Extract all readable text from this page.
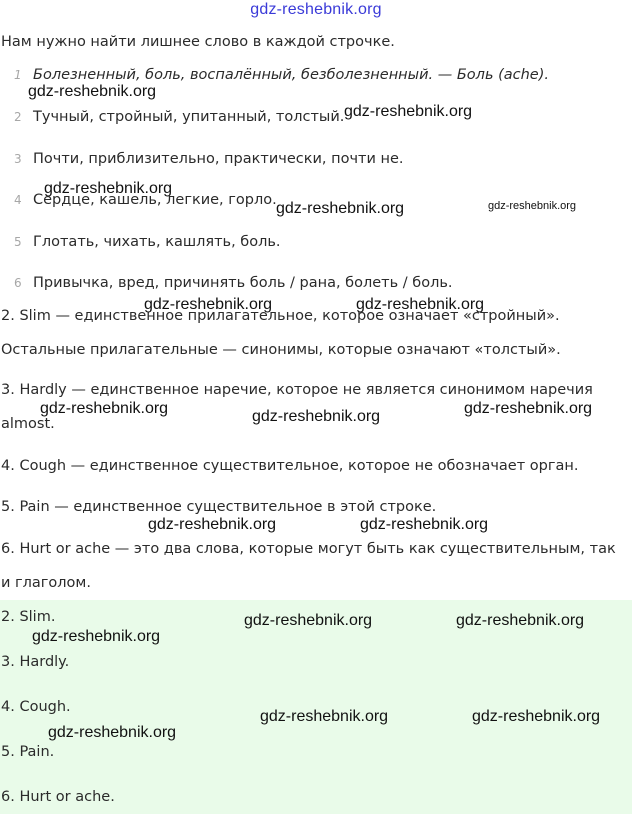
gdz-reshebnik.org
Нам нужно найти лишнее слово в каждой строчке.
1 Болезненный, боль, воспалённый, безболезненный. — Боль (ache).
2 Тучный, стройный, упитанный, толстый.
3 Почти, приблизительно, практически, почти не.
4 Сердце, кашель, легкие, горло.
5 Глотать, чихать, кашлять, боль.
6 Привычка, вред, причинять боль / рана, болеть / боль.
2. Slim — единственное прилагательное, которое означает «стройный».
Остальные прилагательные — синонимы, которые означают «толстый».
3. Hardly — единственное наречие, которое не является синонимом наречия
almost.
4. Cough — единственное существительное, которое не обозначает орган.
5. Pain — единственное существительное в этой строке.
6. Hurt or ache — это два слова, которые могут быть как существительным, так
и глаголом.
2. Slim.
3. Hardly.
4. Cough.
5. Pain.
6. Hurt or ache.
gdz-reshebnik.org
gdz-reshebnik.org
gdz-reshebnik.org
gdz-reshebnik.org	gdz-reshebnik.org
gdz-reshebnik.org	gdz-reshebnik.org
gdz-reshebnik.org	gdz-reshebnik.org	gdz-reshebnik.org
gdz-reshebnik.org	gdz-reshebnik.org
gdz-reshebnik.org	gdz-reshebnik.org
gdz-reshebnik.org
gdz-reshebnik.org	gdz-reshebnik.org
gdz-reshebnik.org
